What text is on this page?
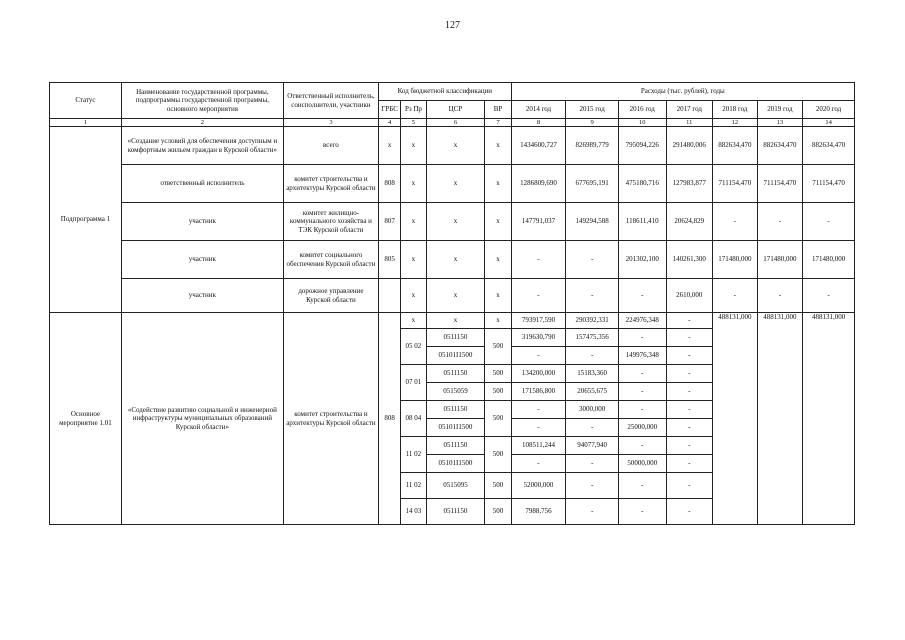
127
Статус	Наименование государственной программы, подпрограммы государственной программы, основного мероприятия	Ответственный исполнитель, соисполнители, участники	Код бюджетной классификации				Расходы (тыс. рублей), годы						
			ГРБС	Рз Пр	ЦСР	ВР	2014 год	2015 год	2016 год	2017 год	2018 год	2019 год	2020 год
1	2	3	4	5	6	7	8	9	10	11	12	13	14
Подпрограмма 1	«Создание условий для обеспечения доступным и комфортным жильем граждан в Курской области»	всего	х	х	х	х	1434600,727	826989,779	795094,226	291480,006	882634,470	882634,470	882634,470
	ответственный исполнитель	комитет строительства и архитектуры Курской области	808	х	х	х	1286809,690	677695,191	475180,716	127983,877	711154,470	711154,470	711154,470
	участник	комитет жилищно-коммунального хозяйства и ТЭК Курской области	807	х	х	х	147791,037	149294,588	118611,410	20624,829	-	-	-
	участник	комитет социального обеспечения Курской области	805	х	х	х	-	-	201302,100	140261,300	171480,000	171480,000	171480,000
	участник	дорожное управление Курской области		х	х	х	-	-	-	2610,000	-	-	-
Основное мероприятие 1.01	«Содействие развитию социальной и инженерной инфраструктуры муниципальных образований Курской области»	комитет строительства и архитектуры Курской области	808	х	х	х	793917,590	290392,331	224976,348	-	488131,000	488131,000	488131,000
				05 02	0511150	500	319630,790	157475,356	-	-			
					05101I1500		-	-	149976,348	-			
				07 01	0511150	500	134200,000	15183,360	-	-			
					0515059	500	171586,800	20655,675	-	-			
				08 04	0511150	500	-	3000,000	-	-			
					05101I1500		-	-	25000,000	-			
				11 02	0511150	500	108511,244	94077,940	-	-			
					05101I1500		-	-	50000,000	-			
				11 02	0515095	500	52000,000	-	-	-			
				14 03	0511150	500	7988,756	-	-	-			
